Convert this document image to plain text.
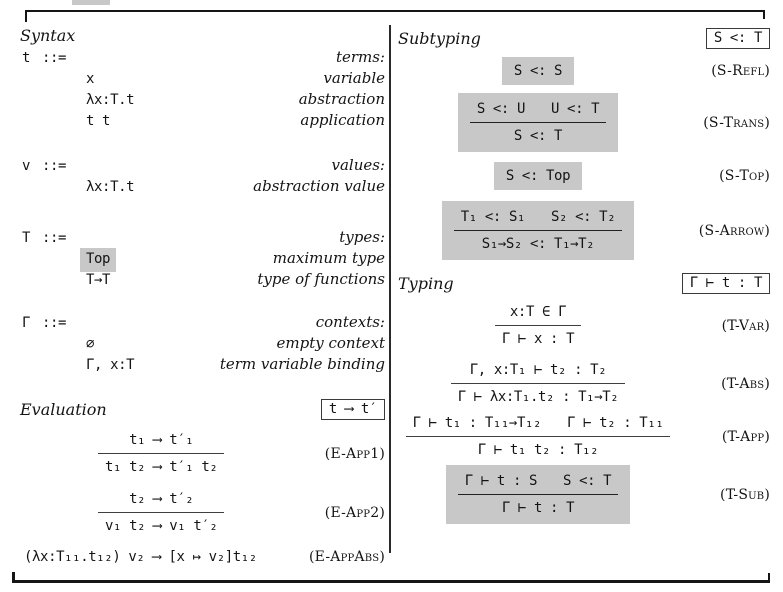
Syntax
t ::=	terms:
x	variable
λx:T.t	abstraction
t t	application
v ::=	values:
λx:T.t	abstraction value
T ::=	types:
Top	maximum type
T→T	type of functions
Γ ::=	contexts:
∅	empty context
Γ, x:T	term variable binding
Evaluation	t ⟶ t′
$\frac{\text{t₁ ⟶ t′₁}}{\text{t₁ t₂ ⟶ t′₁ t₂}}$	(E-App1)
$\frac{\text{t₂ ⟶ t′₂}}{\text{v₁ t₂ ⟶ v₁ t′₂}}$	(E-App2)
(λx:T₁₁.t₁₂) v₂ ⟶ [x ↦ v₂]t₁₂	(E-AppAbs)
Subtyping	S <: T
S <: S	(S-Refl)
$\frac{\text{S <: U U <: T}}{S <: T}$	(S-Trans)
S <: Top	(S-Top)
$\frac{\text{T₁ <: S₁ S₂ <: T₂}}{\text{S₁→S₂ <: T₁→T₂}}$	(S-Arrow)
Typing	Γ ⊢ t : T
$\frac{x:T \in \Gamma}{\Gamma ⊢ x : T}$	(T-Var)
$\frac{\text{Γ, x:T₁ ⊢ t₂ : T₂}}{\text{Γ ⊢ λx:T₁.t₂ : T₁→T₂}}$	(T-Abs)
$\frac{\text{Γ ⊢ t₁ : T₁₁→T₁₂ Γ ⊢ t₂ : T₁₁}}{\text{Γ ⊢ t₁ t₂ : T₁₂}}$	(T-App)
$\frac{\text{Γ ⊢ t : S S <: T}}{\Gamma ⊢ t : T}$	(T-Sub)
